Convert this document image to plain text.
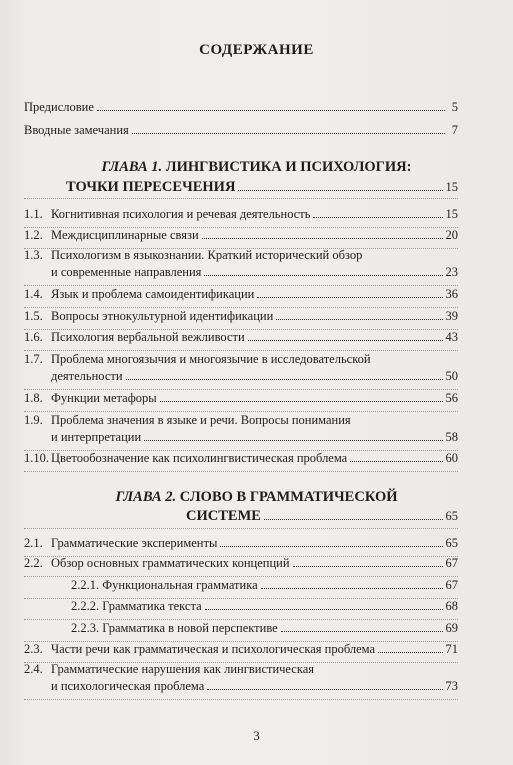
СОДЕРЖАНИЕ
Предисловие	5
Вводные замечания	7
ГЛАВА 1. ЛИНГВИСТИКА И ПСИХОЛОГИЯ:
ТОЧКИ ПЕРЕСЕЧЕНИЯ	15
1.1. Когнитивная психология и речевая деятельность	15
1.2. Междисциплинарные связи	20
1.3. Психологизм в языкознании. Краткий исторический обзор
и современные направления	23
1.4. Язык и проблема самоидентификации	36
1.5. Вопросы этнокультурной идентификации	39
1.6. Психология вербальной вежливости	43
1.7. Проблема многоязычия и многоязычие в исследовательской
деятельности	50
1.8. Функции метафоры	56
1.9. Проблема значения в языке и речи. Вопросы понимания
и интерпретации	58
1.10. Цветообозначение как психолингвистическая проблема	60
ГЛАВА 2. СЛОВО В ГРАММАТИЧЕСКОЙ
СИСТЕМЕ	65
2.1. Грамматические эксперименты	65
2.2. Обзор основных грамматических концепций	67
2.2.1. Функциональная грамматика	67
2.2.2. Грамматика текста	68
2.2.3. Грамматика в новой перспективе	69
2.3. Части речи как грамматическая и психологическая проблема	71
2.4. Грамматические нарушения как лингвистическая
и психологическая проблема	73
3
